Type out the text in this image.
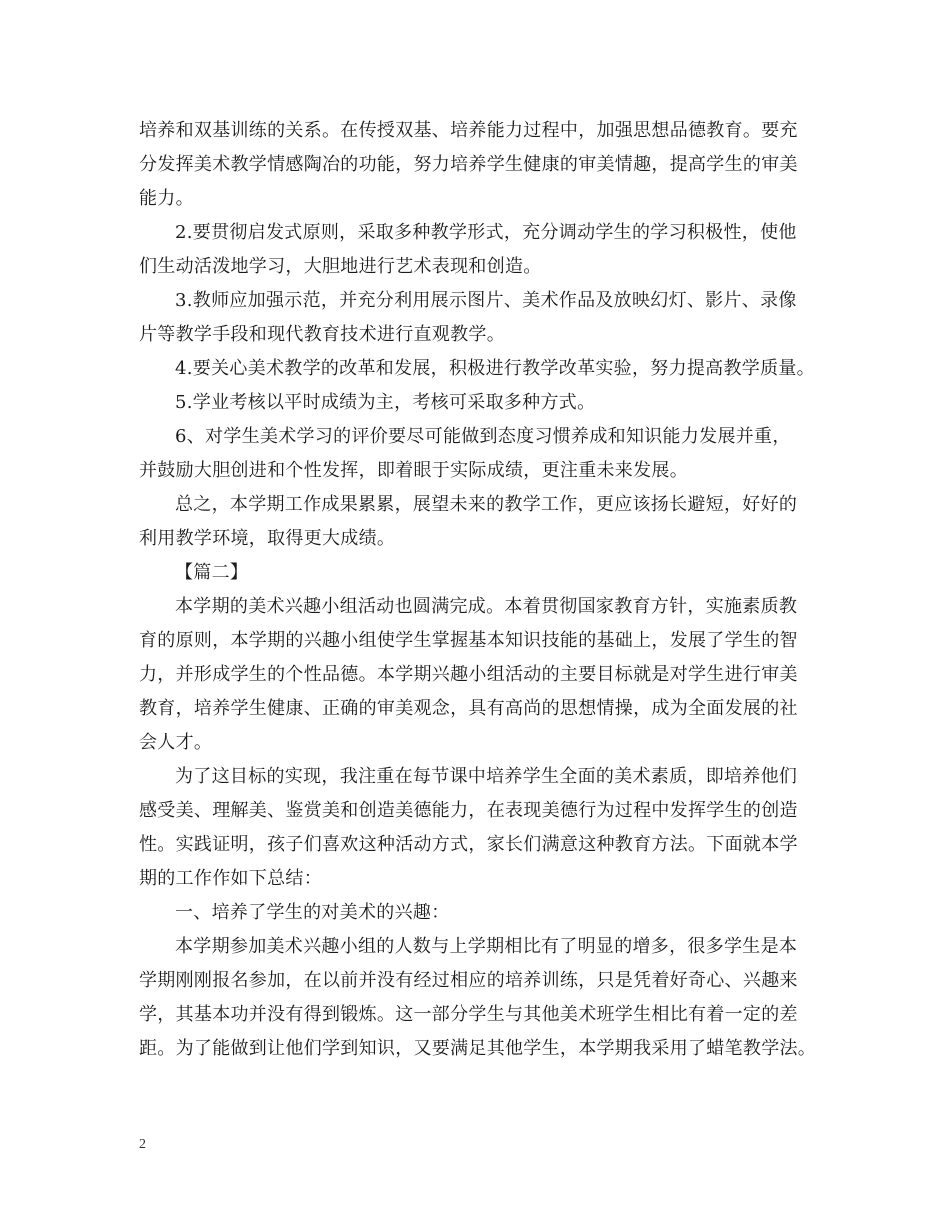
培养和双基训练的关系。在传授双基、培养能力过程中，加强思想品德教育。要充
分发挥美术教学情感陶冶的功能，努力培养学生健康的审美情趣，提高学生的审美
能力。
2.要贯彻启发式原则，采取多种教学形式，充分调动学生的学习积极性，使他
们生动活泼地学习，大胆地进行艺术表现和创造。
3.教师应加强示范，并充分利用展示图片、美术作品及放映幻灯、影片、录像
片等教学手段和现代教育技术进行直观教学。
4.要关心美术教学的改革和发展，积极进行教学改革实验，努力提高教学质量。
5.学业考核以平时成绩为主，考核可采取多种方式。
6、对学生美术学习的评价要尽可能做到态度习惯养成和知识能力发展并重，
并鼓励大胆创进和个性发挥，即着眼于实际成绩，更注重未来发展。
总之，本学期工作成果累累，展望未来的教学工作，更应该扬长避短，好好的
利用教学环境，取得更大成绩。
【篇二】
本学期的美术兴趣小组活动也圆满完成。本着贯彻国家教育方针，实施素质教
育的原则，本学期的兴趣小组使学生掌握基本知识技能的基础上，发展了学生的智
力，并形成学生的个性品德。本学期兴趣小组活动的主要目标就是对学生进行审美
教育，培养学生健康、正确的审美观念，具有高尚的思想情操，成为全面发展的社
会人才。
为了这目标的实现，我注重在每节课中培养学生全面的美术素质，即培养他们
感受美、理解美、鉴赏美和创造美德能力，在表现美德行为过程中发挥学生的创造
性。实践证明，孩子们喜欢这种活动方式，家长们满意这种教育方法。下面就本学
期的工作作如下总结：
一、培养了学生的对美术的兴趣：
本学期参加美术兴趣小组的人数与上学期相比有了明显的增多，很多学生是本
学期刚刚报名参加，在以前并没有经过相应的培养训练，只是凭着好奇心、兴趣来
学，其基本功并没有得到锻炼。这一部分学生与其他美术班学生相比有着一定的差
距。为了能做到让他们学到知识，又要满足其他学生，本学期我采用了蜡笔教学法。
2
